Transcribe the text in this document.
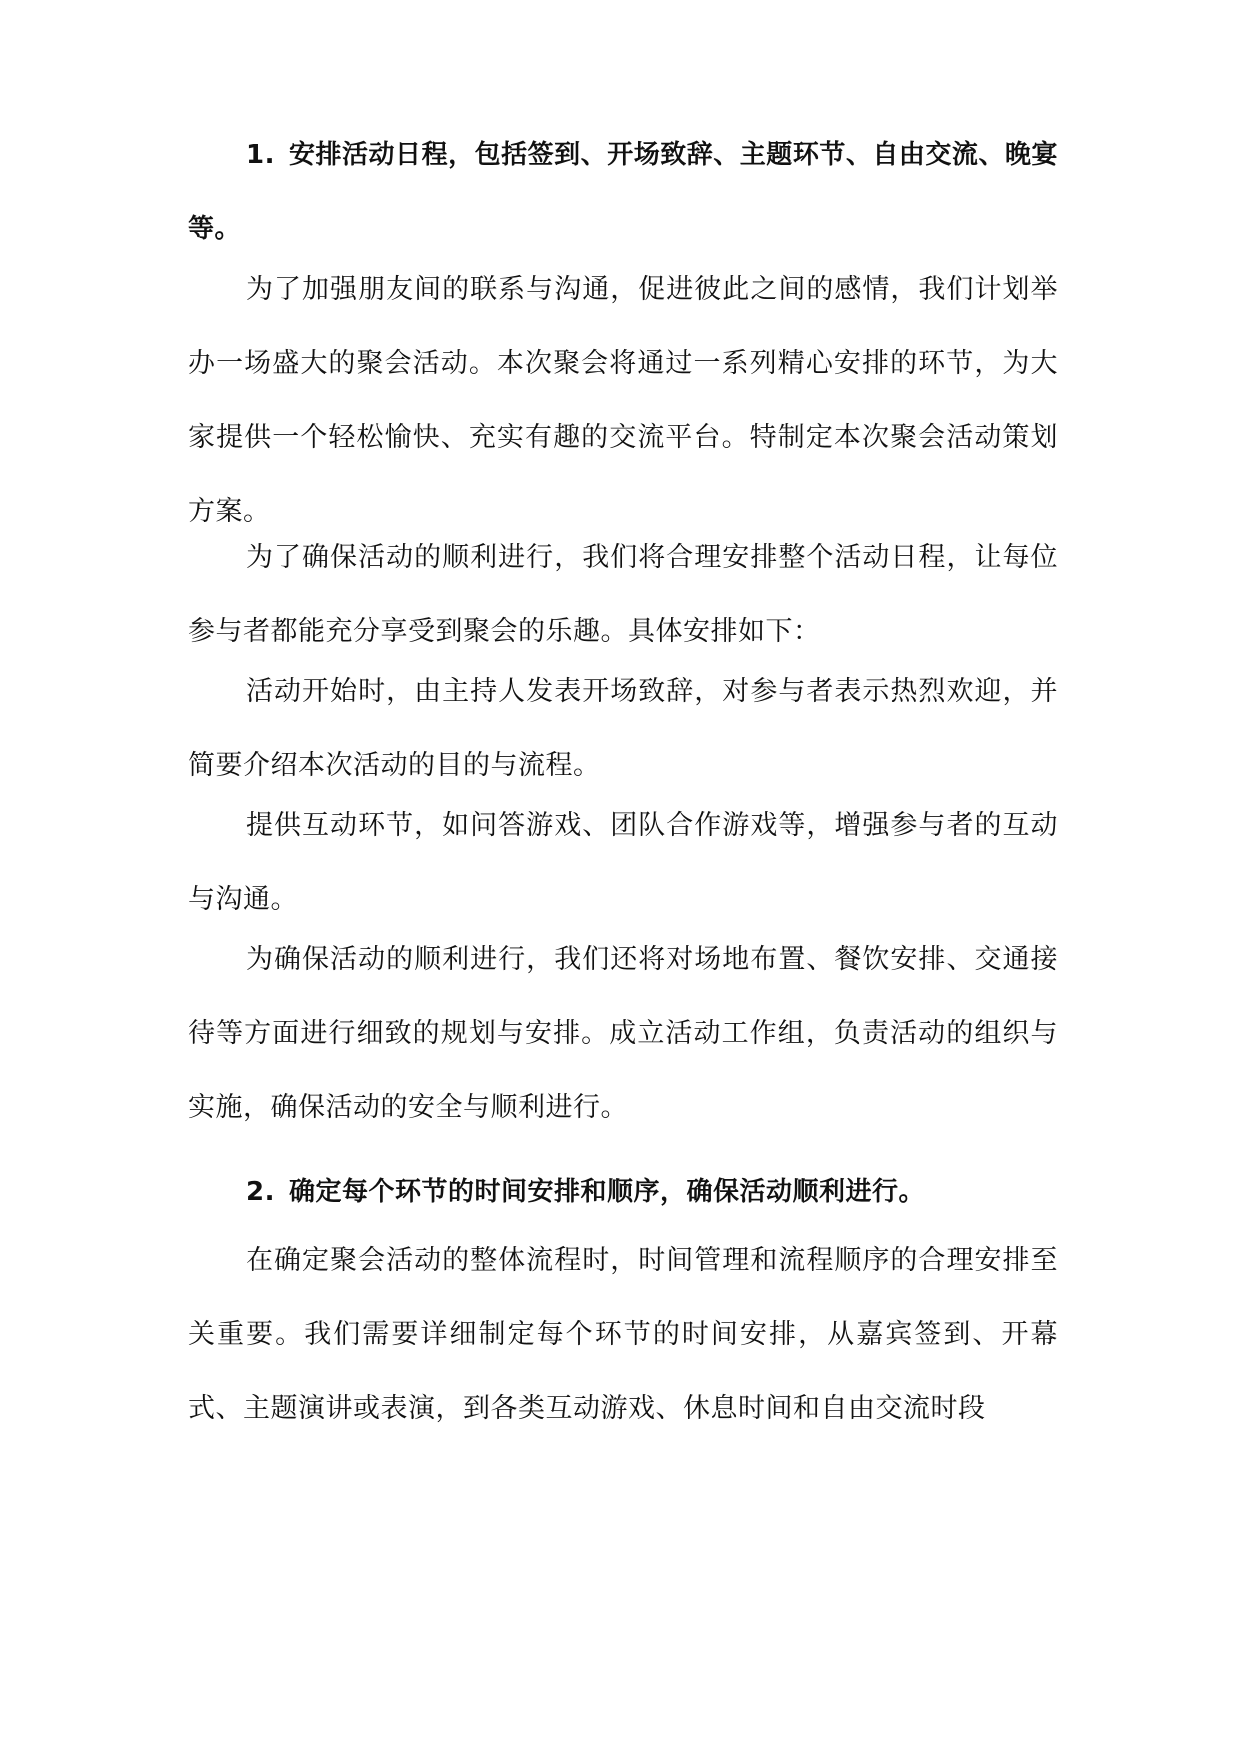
1. 安排活动日程，包括签到、开场致辞、主题环节、自由交流、晚宴等。

为了加强朋友间的联系与沟通，促进彼此之间的感情，我们计划举办一场盛大的聚会活动。本次聚会将通过一系列精心安排的环节，为大家提供一个轻松愉快、充实有趣的交流平台。特制定本次聚会活动策划方案。

为了确保活动的顺利进行，我们将合理安排整个活动日程，让每位参与者都能充分享受到聚会的乐趣。具体安排如下：

活动开始时，由主持人发表开场致辞，对参与者表示热烈欢迎，并简要介绍本次活动的目的与流程。

提供互动环节，如问答游戏、团队合作游戏等，增强参与者的互动与沟通。

为确保活动的顺利进行，我们还将对场地布置、餐饮安排、交通接待等方面进行细致的规划与安排。成立活动工作组，负责活动的组织与实施，确保活动的安全与顺利进行。

2. 确定每个环节的时间安排和顺序，确保活动顺利进行。

在确定聚会活动的整体流程时，时间管理和流程顺序的合理安排至关重要。我们需要详细制定每个环节的时间安排，从嘉宾签到、开幕式、主题演讲或表演，到各类互动游戏、休息时间和自由交流时段
